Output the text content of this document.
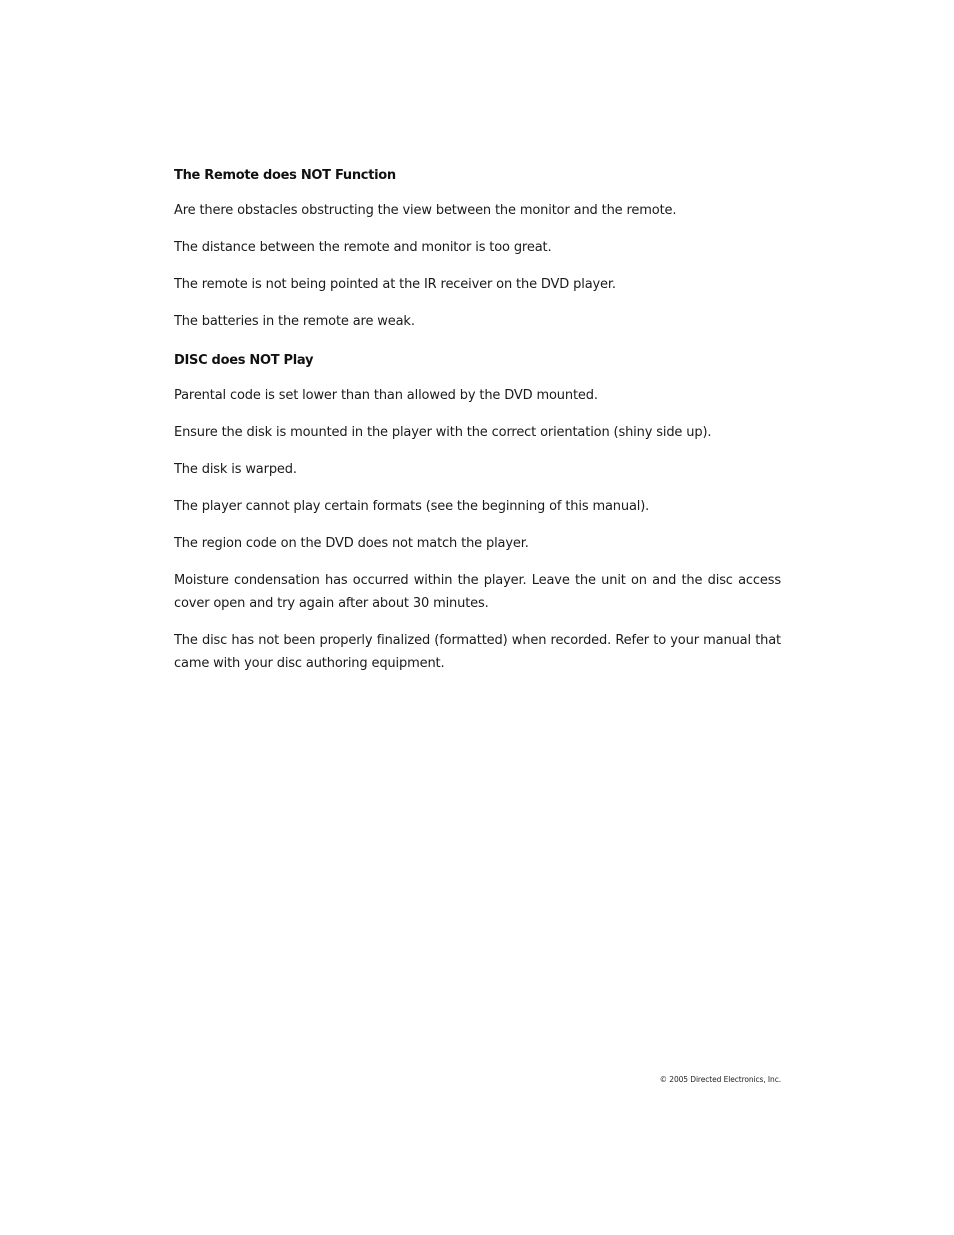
The Remote does NOT Function

Are there obstacles obstructing the view between the monitor and the remote.

The distance between the remote and monitor is too great.

The remote is not being pointed at the IR receiver on the DVD player.

The batteries in the remote are weak.

DISC does NOT Play

Parental code is set lower than than allowed by the DVD mounted.

Ensure the disk is mounted in the player with the correct orientation (shiny side up).

The disk is warped.

The player cannot play certain formats (see the beginning of this manual).

The region code on the DVD does not match the player.

Moisture condensation has occurred within the player. Leave the unit on and the disc access cover open and try again after about 30 minutes.

The disc has not been properly finalized (formatted) when recorded. Refer to your manual that came with your disc authoring equipment.

© 2005 Directed Electronics, Inc.
